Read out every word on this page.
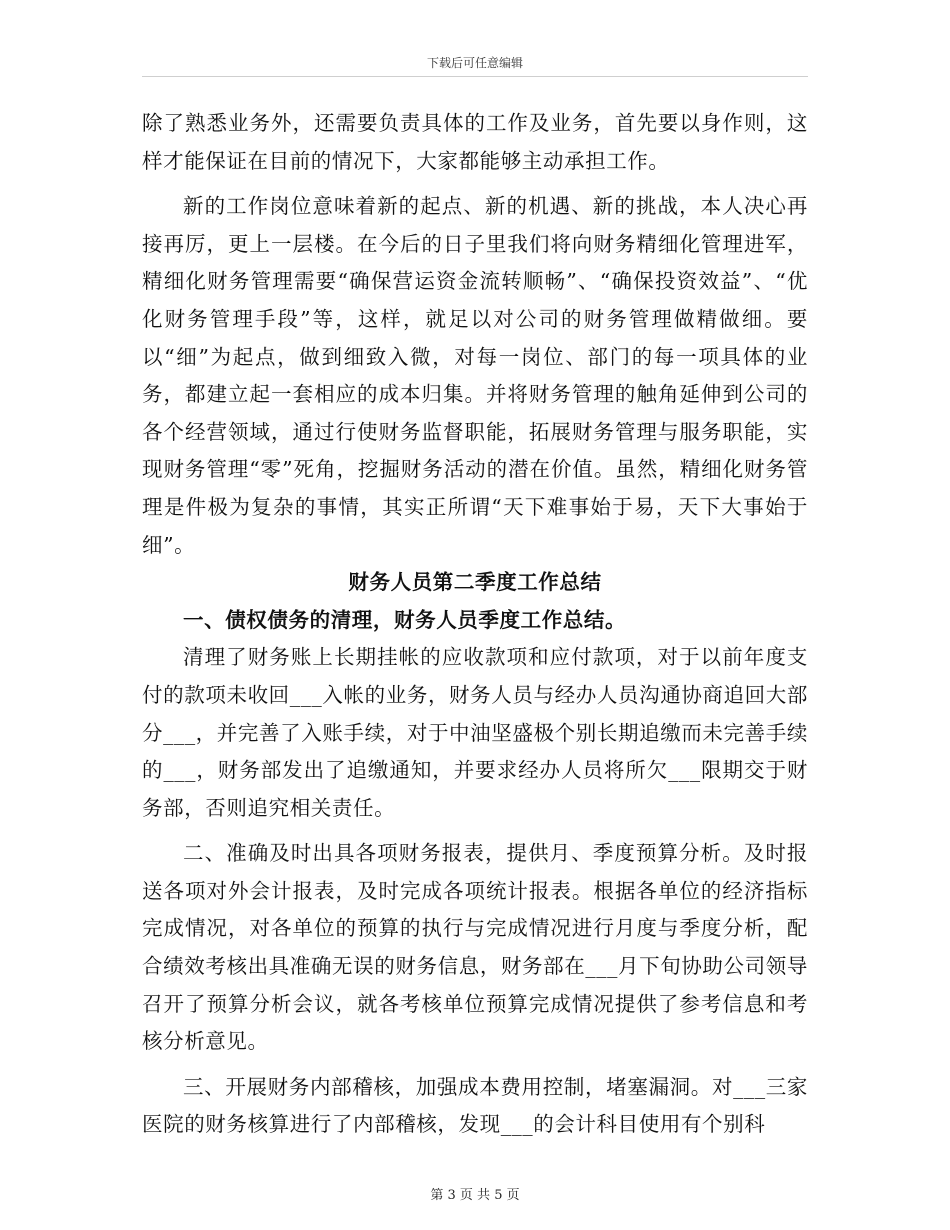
下载后可任意编辑

除了熟悉业务外，还需要负责具体的工作及业务，首先要以身作则，这样才能保证在目前的情况下，大家都能够主动承担工作。

新的工作岗位意味着新的起点、新的机遇、新的挑战，本人决心再接再厉，更上一层楼。在今后的日子里我们将向财务精细化管理进军，精细化财务管理需要“确保营运资金流转顺畅”、“确保投资效益”、“优化财务管理手段”等，这样，就足以对公司的财务管理做精做细。要以“细”为起点，做到细致入微，对每一岗位、部门的每一项具体的业务，都建立起一套相应的成本归集。并将财务管理的触角延伸到公司的各个经营领域，通过行使财务监督职能，拓展财务管理与服务职能，实现财务管理“零”死角，挖掘财务活动的潜在价值。虽然，精细化财务管理是件极为复杂的事情，其实正所谓“天下难事始于易，天下大事始于细”。

财务人员第二季度工作总结

一、债权债务的清理，财务人员季度工作总结。

清理了财务账上长期挂帐的应收款项和应付款项，对于以前年度支付的款项未收回___入帐的业务，财务人员与经办人员沟通协商追回大部分___，并完善了入账手续，对于中油坚盛极个别长期追缴而未完善手续的___，财务部发出了追缴通知，并要求经办人员将所欠___限期交于财务部，否则追究相关责任。

二、准确及时出具各项财务报表，提供月、季度预算分析。及时报送各项对外会计报表，及时完成各项统计报表。根据各单位的经济指标完成情况，对各单位的预算的执行与完成情况进行月度与季度分析，配合绩效考核出具准确无误的财务信息，财务部在___月下旬协助公司领导召开了预算分析会议，就各考核单位预算完成情况提供了参考信息和考核分析意见。

三、开展财务内部稽核，加强成本费用控制，堵塞漏洞。对___三家医院的财务核算进行了内部稽核，发现___的会计科目使用有个别科

第 3 页 共 5 页
